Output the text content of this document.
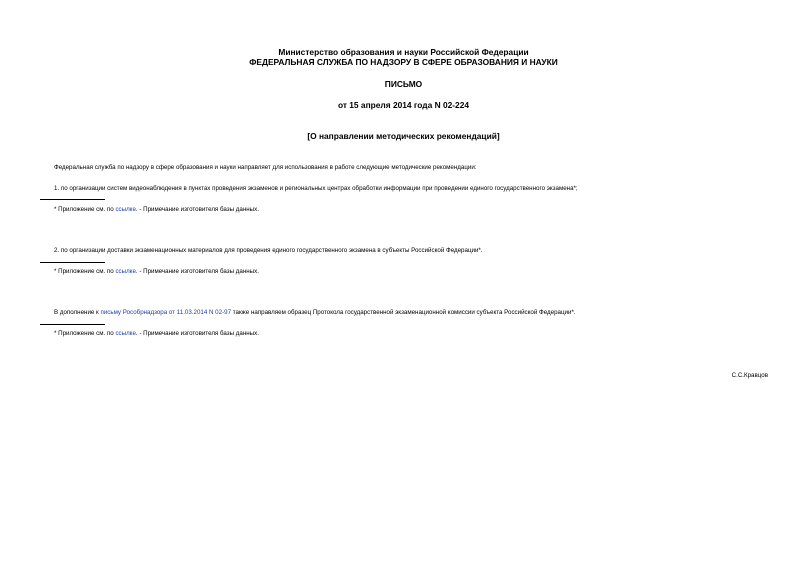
Министерство образования и науки Российской Федерации
ФЕДЕРАЛЬНАЯ СЛУЖБА ПО НАДЗОРУ В СФЕРЕ ОБРАЗОВАНИЯ И НАУКИ
ПИСЬМО
от 15 апреля 2014 года N 02-224
[О направлении методических рекомендаций]
Федеральная служба по надзору в сфере образования и науки направляет для использования в работе следующие методические рекомендации:
1. по организации систем видеонаблюдения в пунктах проведения экзаменов и региональных центрах обработки информации при проведении единого государственного экзамена*;
* Приложение см. по ссылке. - Примечание изготовителя базы данных.
2. по организации доставки экзаменационных материалов для проведения единого государственного экзамена в субъекты Российской Федерации*.
* Приложение см. по ссылке. - Примечание изготовителя базы данных.
В дополнение к письму Рособрнадзора от 11.03.2014 N 02-97 также направляем образец Протокола государственной экзаменационной комиссии субъекта Российской Федерации*.
* Приложение см. по ссылке. - Примечание изготовителя базы данных.
С.С.Кравцов
